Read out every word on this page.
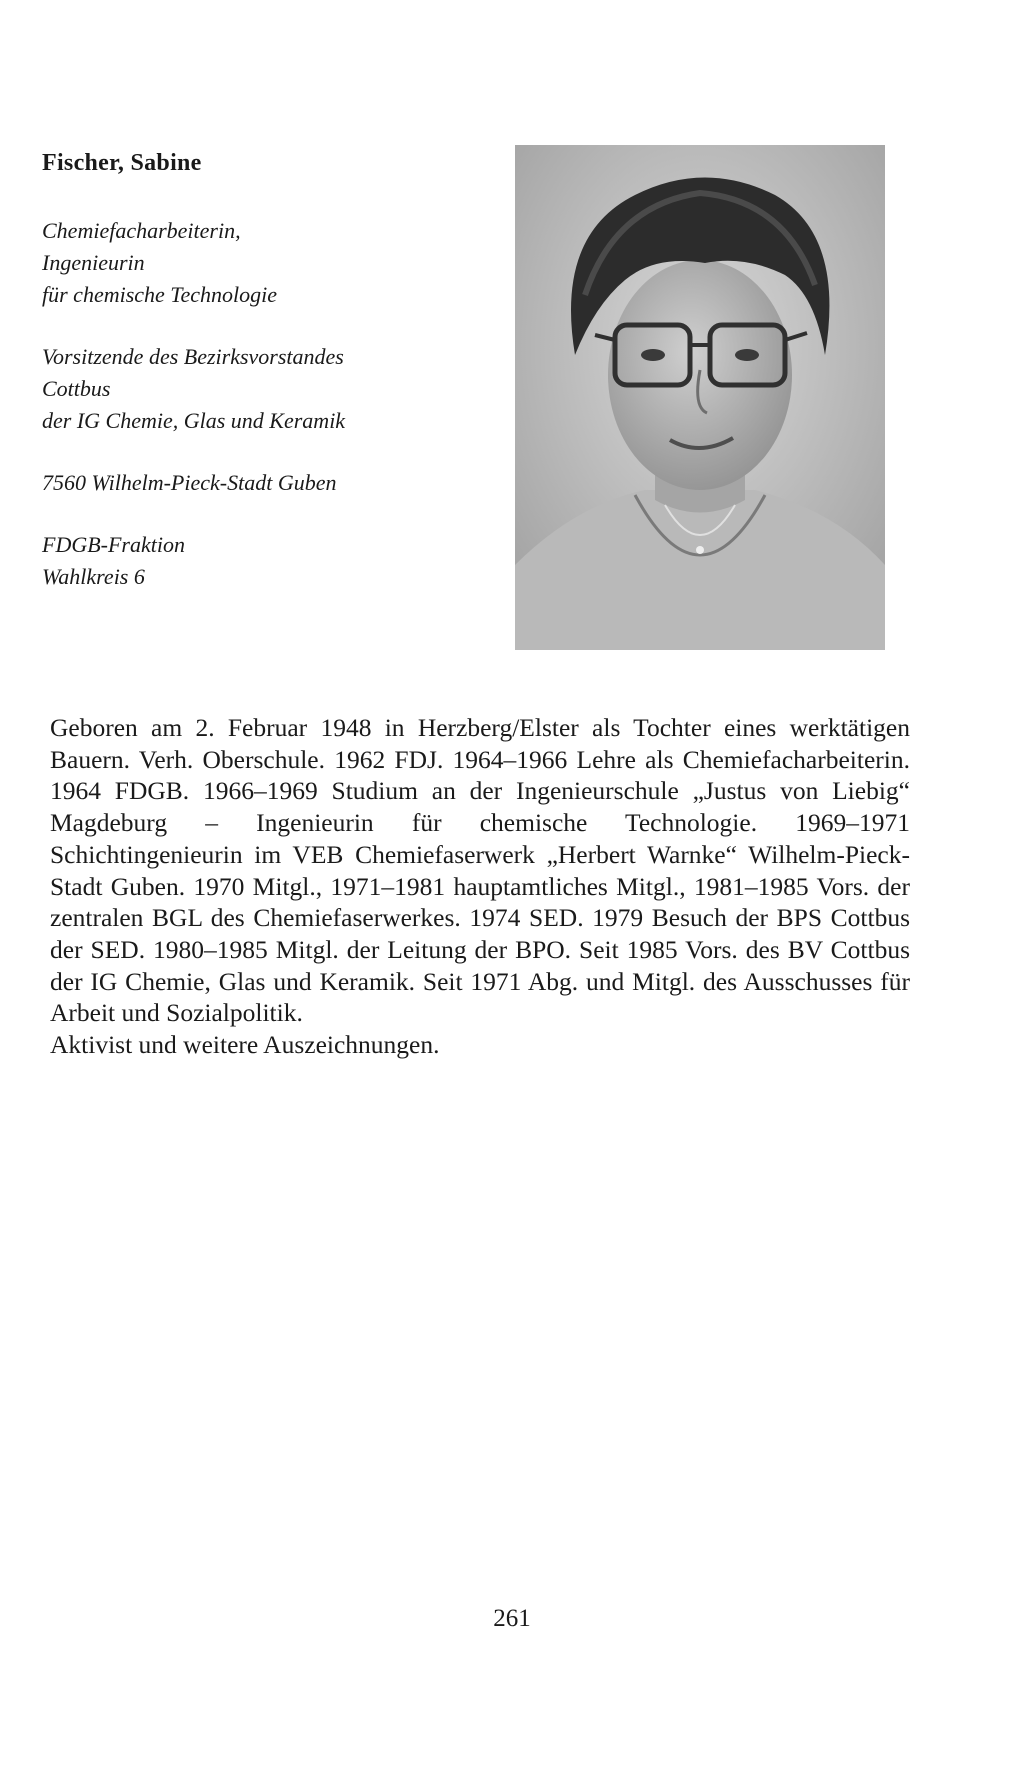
Fischer, Sabine
Chemiefacharbeiterin,
Ingenieurin
für chemische Technologie
Vorsitzende des Bezirksvorstandes
Cottbus
der IG Chemie, Glas und Keramik
7560 Wilhelm-Pieck-Stadt Guben
FDGB-Fraktion
Wahlkreis 6

Geboren am 2. Februar 1948 in Herzberg/Elster als Tochter eines werktätigen Bauern. Verh. Oberschule. 1962 FDJ. 1964–1966 Lehre als Chemiefacharbeiterin. 1964 FDGB. 1966–1969 Studium an der Ingenieurschule „Justus von Liebig“ Magdeburg – Ingenieurin für chemische Technologie. 1969–1971 Schichtingenieurin im VEB Chemiefaserwerk „Herbert Warnke“ Wilhelm-Pieck-Stadt Guben. 1970 Mitgl., 1971–1981 hauptamtliches Mitgl., 1981–1985 Vors. der zentralen BGL des Chemiefaserwerkes. 1974 SED. 1979 Besuch der BPS Cottbus der SED. 1980–1985 Mitgl. der Leitung der BPO. Seit 1985 Vors. des BV Cottbus der IG Chemie, Glas und Keramik. Seit 1971 Abg. und Mitgl. des Ausschusses für Arbeit und Sozialpolitik.

Aktivist und weitere Auszeichnungen.

261
